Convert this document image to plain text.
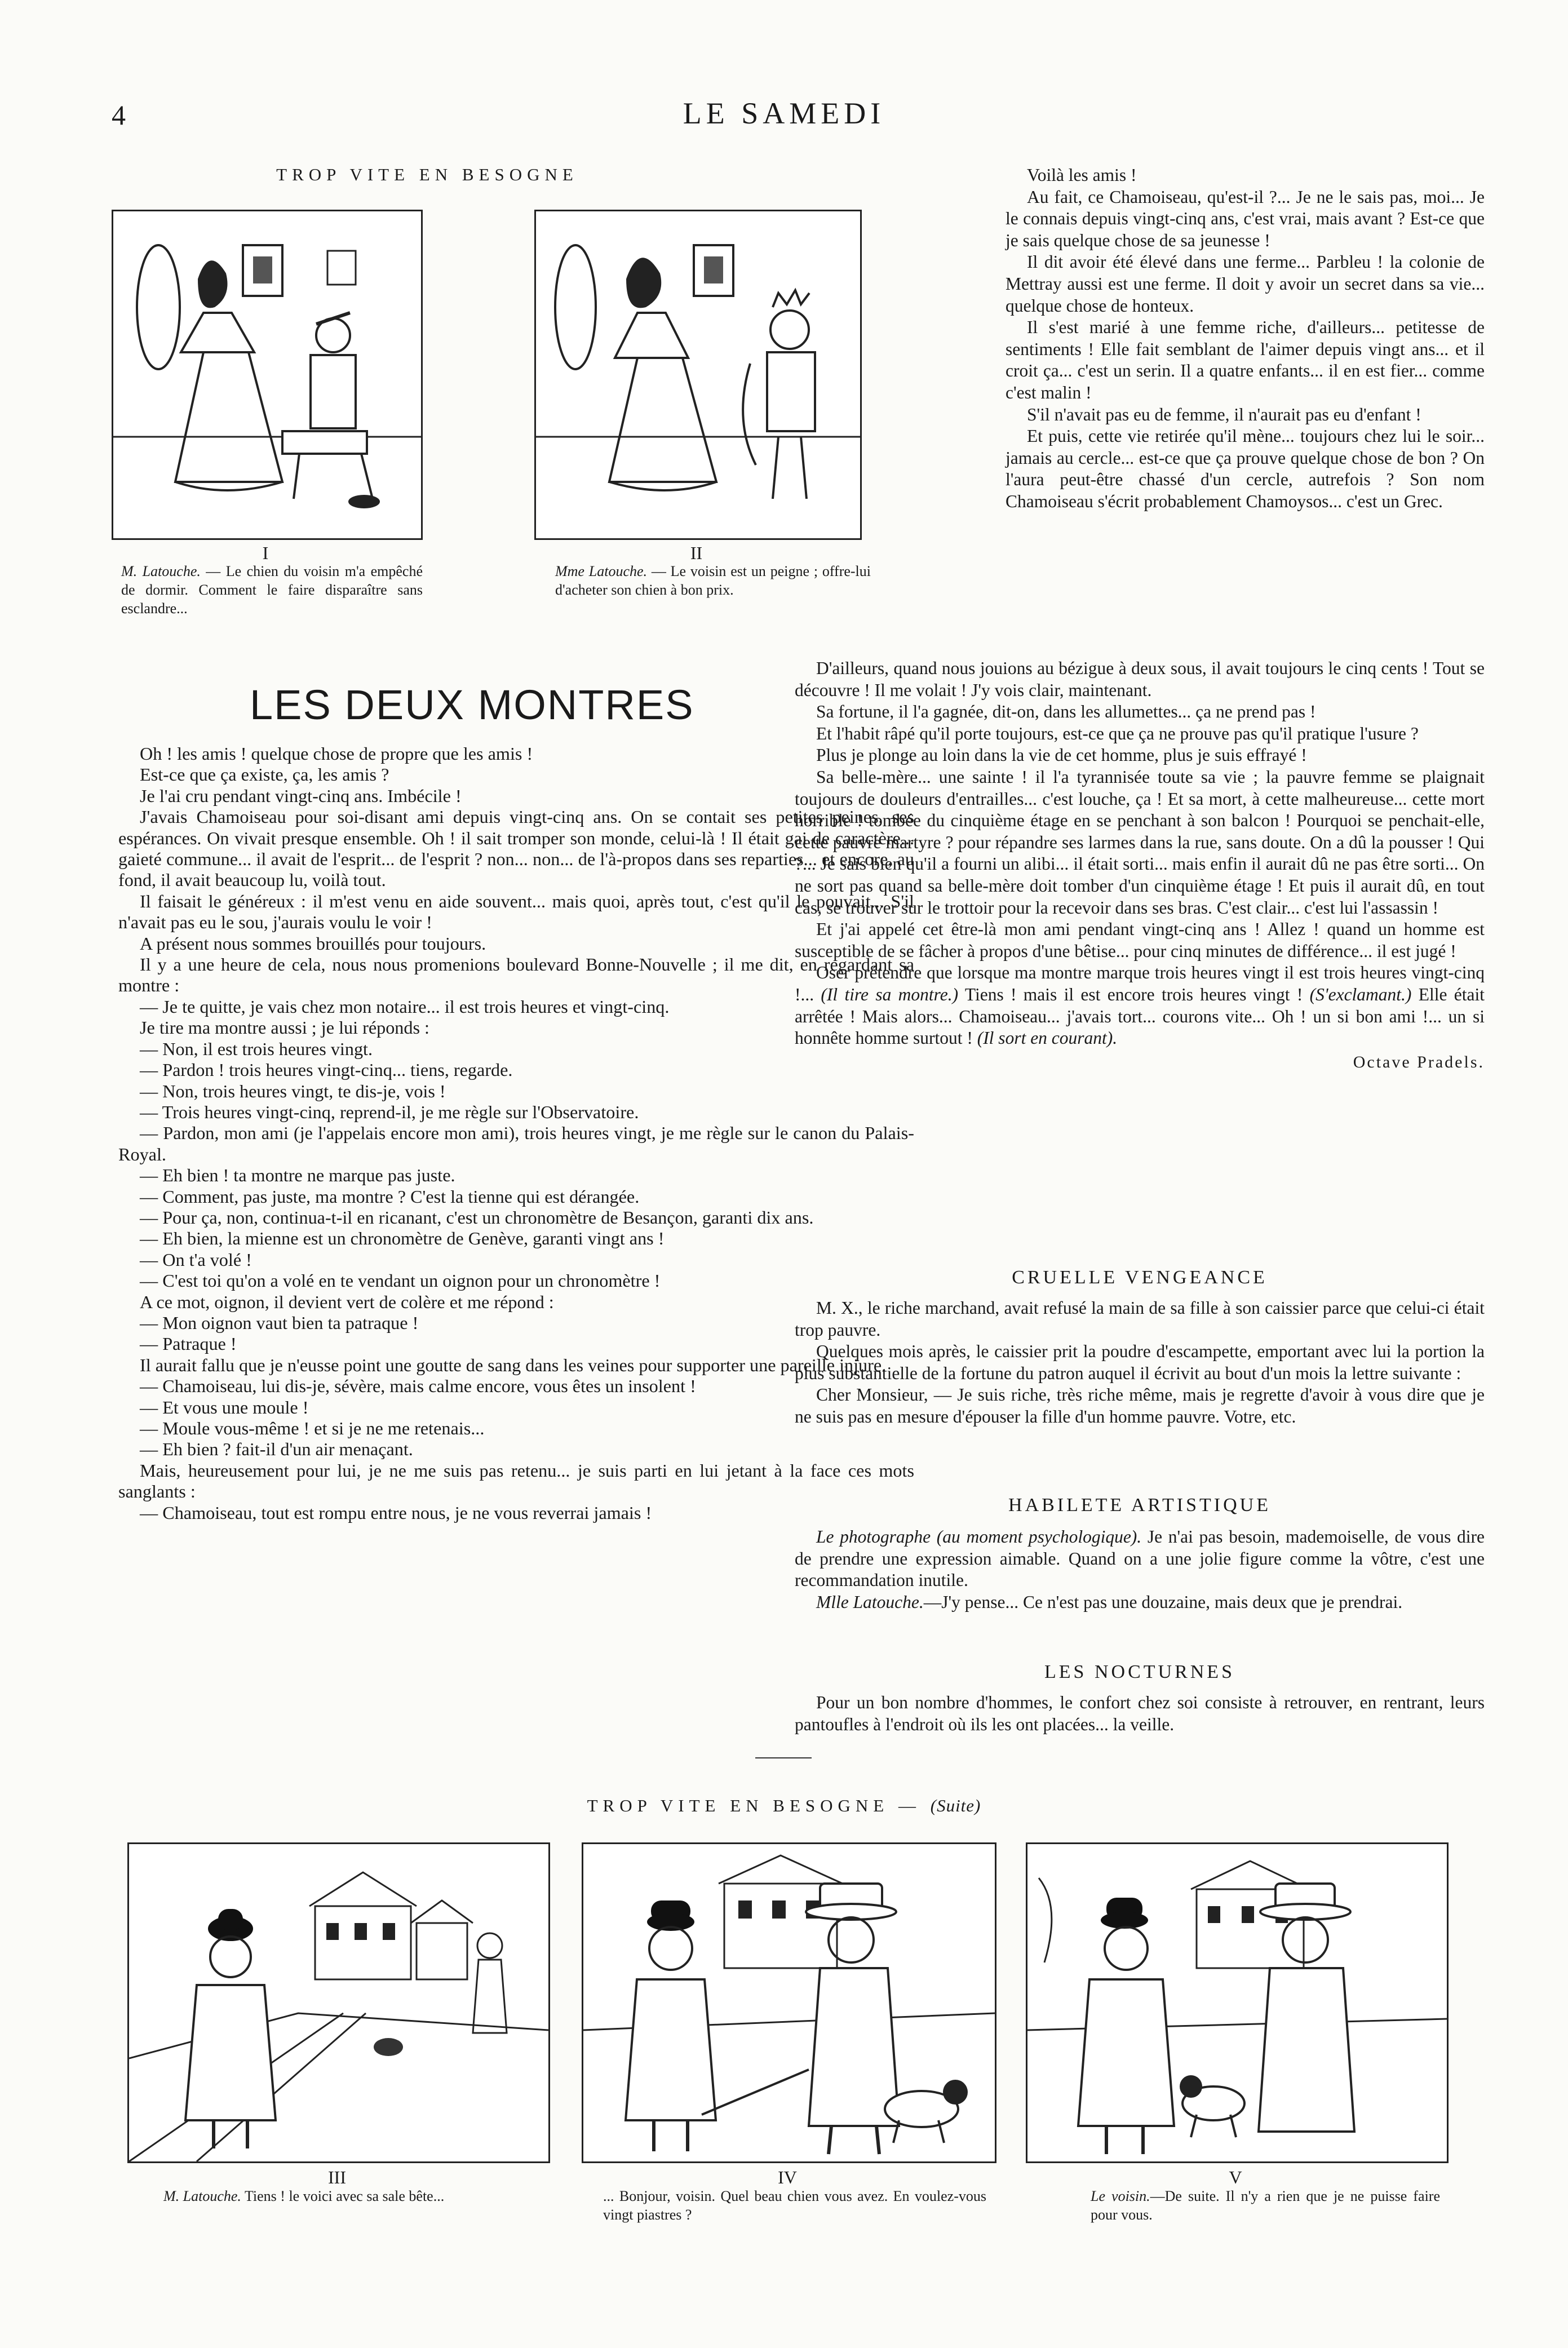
4	LE SAMEDI
TROP VITE EN BESOGNE
I
M. Latouche. — Le chien du voisin m'a empêché de dormir. Comment le faire disparaître sans esclandre...
II
Mme Latouche. — Le voisin est un peigne ; offre-lui d'acheter son chien à bon prix.
LES DEUX MONTRES

Oh ! les amis ! quelque chose de propre que les amis !

Est-ce que ça existe, ça, les amis ?

Je l'ai cru pendant vingt-cinq ans. Imbécile !

J'avais Chamoiseau pour soi-disant ami depuis vingt-cinq ans. On se contait ses petites peines, ses espérances. On vivait presque ensemble. Oh ! il sait tromper son monde, celui-là ! Il était gai de caractère... gaieté commune... il avait de l'esprit... de l'esprit ? non... non... de l'à-propos dans ses reparties... et encore, au fond, il avait beaucoup lu, voilà tout.

Il faisait le généreux : il m'est venu en aide souvent... mais quoi, après tout, c'est qu'il le pouvait... S'il n'avait pas eu le sou, j'aurais voulu le voir !

A présent nous sommes brouillés pour toujours.

Il y a une heure de cela, nous nous promenions boulevard Bonne-Nouvelle ; il me dit, en regardant sa montre :

— Je te quitte, je vais chez mon notaire... il est trois heures et vingt-cinq.

Je tire ma montre aussi ; je lui réponds :

— Non, il est trois heures vingt.

— Pardon ! trois heures vingt-cinq... tiens, regarde.

— Non, trois heures vingt, te dis-je, vois !

— Trois heures vingt-cinq, reprend-il, je me règle sur l'Observatoire.

— Pardon, mon ami (je l'appelais encore mon ami), trois heures vingt, je me règle sur le canon du Palais-Royal.

— Eh bien ! ta montre ne marque pas juste.

— Comment, pas juste, ma montre ? C'est la tienne qui est dérangée.

— Pour ça, non, continua-t-il en ricanant, c'est un chronomètre de Besançon, garanti dix ans.

— Eh bien, la mienne est un chronomètre de Genève, garanti vingt ans !

— On t'a volé !

— C'est toi qu'on a volé en te vendant un oignon pour un chronomètre !

A ce mot, oignon, il devient vert de colère et me répond :

— Mon oignon vaut bien ta patraque !

— Patraque !

Il aurait fallu que je n'eusse point une goutte de sang dans les veines pour supporter une pareille injure.

— Chamoiseau, lui dis-je, sévère, mais calme encore, vous êtes un insolent !

— Et vous une moule !

— Moule vous-même ! et si je ne me retenais...

— Eh bien ? fait-il d'un air menaçant.

Mais, heureusement pour lui, je ne me suis pas retenu... je suis parti en lui jetant à la face ces mots sanglants :

— Chamoiseau, tout est rompu entre nous, je ne vous reverrai jamais !

Voilà les amis !

Au fait, ce Chamoiseau, qu'est-il ?... Je ne le sais pas, moi... Je le connais depuis vingt-cinq ans, c'est vrai, mais avant ? Est-ce que je sais quelque chose de sa jeunesse !

Il dit avoir été élevé dans une ferme... Parbleu ! la colonie de Mettray aussi est une ferme. Il doit y avoir un secret dans sa vie... quelque chose de honteux.

Il s'est marié à une femme riche, d'ailleurs... petitesse de sentiments ! Elle fait semblant de l'aimer depuis vingt ans... et il croit ça... c'est un serin. Il a quatre enfants... il en est fier... comme c'est malin !

S'il n'avait pas eu de femme, il n'aurait pas eu d'enfant !

Et puis, cette vie retirée qu'il mène... toujours chez lui le soir... jamais au cercle... est-ce que ça prouve quelque chose de bon ? On l'aura peut-être chassé d'un cercle, autrefois ? Son nom Chamoiseau s'écrit probablement Chamoysos... c'est un Grec.

D'ailleurs, quand nous jouions au bézigue à deux sous, il avait toujours le cinq cents ! Tout se découvre ! Il me volait ! J'y vois clair, maintenant.

Sa fortune, il l'a gagnée, dit-on, dans les allumettes... ça ne prend pas !

Et l'habit râpé qu'il porte toujours, est-ce que ça ne prouve pas qu'il pratique l'usure ?

Plus je plonge au loin dans la vie de cet homme, plus je suis effrayé !

Sa belle-mère... une sainte ! il l'a tyrannisée toute sa vie ; la pauvre femme se plaignait toujours de douleurs d'entrailles... c'est louche, ça ! Et sa mort, à cette malheureuse... cette mort horrible ! tombée du cinquième étage en se penchant à son balcon ! Pourquoi se penchait-elle, cette pauvre martyre ? pour répandre ses larmes dans la rue, sans doute. On a dû la pousser ! Qui ?... Je sais bien qu'il a fourni un alibi... il était sorti... mais enfin il aurait dû ne pas être sorti... On ne sort pas quand sa belle-mère doit tomber d'un cinquième étage ! Et puis il aurait dû, en tout cas, se trouver sur le trottoir pour la recevoir dans ses bras. C'est clair... c'est lui l'assassin !

Et j'ai appelé cet être-là mon ami pendant vingt-cinq ans ! Allez ! quand un homme est susceptible de se fâcher à propos d'une bêtise... pour cinq minutes de différence... il est jugé !

Oser prétendre que lorsque ma montre marque trois heures vingt il est trois heures vingt-cinq !... (Il tire sa montre.) Tiens ! mais il est encore trois heures vingt ! (S'exclamant.) Elle était arrêtée ! Mais alors... Chamoiseau... j'avais tort... courons vite... Oh ! un si bon ami !... un si honnête homme surtout ! (Il sort en courant).

Octave Pradels.
CRUELLE VENGEANCE

M. X., le riche marchand, avait refusé la main de sa fille à son caissier parce que celui-ci était trop pauvre.

Quelques mois après, le caissier prit la poudre d'escampette, emportant avec lui la portion la plus substantielle de la fortune du patron auquel il écrivit au bout d'un mois la lettre suivante :

Cher Monsieur, — Je suis riche, très riche même, mais je regrette d'avoir à vous dire que je ne suis pas en mesure d'épouser la fille d'un homme pauvre. Votre, etc.

HABILETE ARTISTIQUE

Le photographe (au moment psychologique). Je n'ai pas besoin, mademoiselle, de vous dire de prendre une expression aimable. Quand on a une jolie figure comme la vôtre, c'est une recommandation inutile.

Mlle Latouche.—J'y pense... Ce n'est pas une douzaine, mais deux que je prendrai.

LES NOCTURNES

Pour un bon nombre d'hommes, le confort chez soi consiste à retrouver, en rentrant, leurs pantoufles à l'endroit où ils les ont placées... la veille.

TROP VITE EN BESOGNE — (Suite)
III
M. Latouche. Tiens ! le voici avec sa sale bête...
IV
... Bonjour, voisin. Quel beau chien vous avez. En voulez-vous vingt piastres ?
V
Le voisin.—De suite. Il n'y a rien que je ne puisse faire pour vous.
